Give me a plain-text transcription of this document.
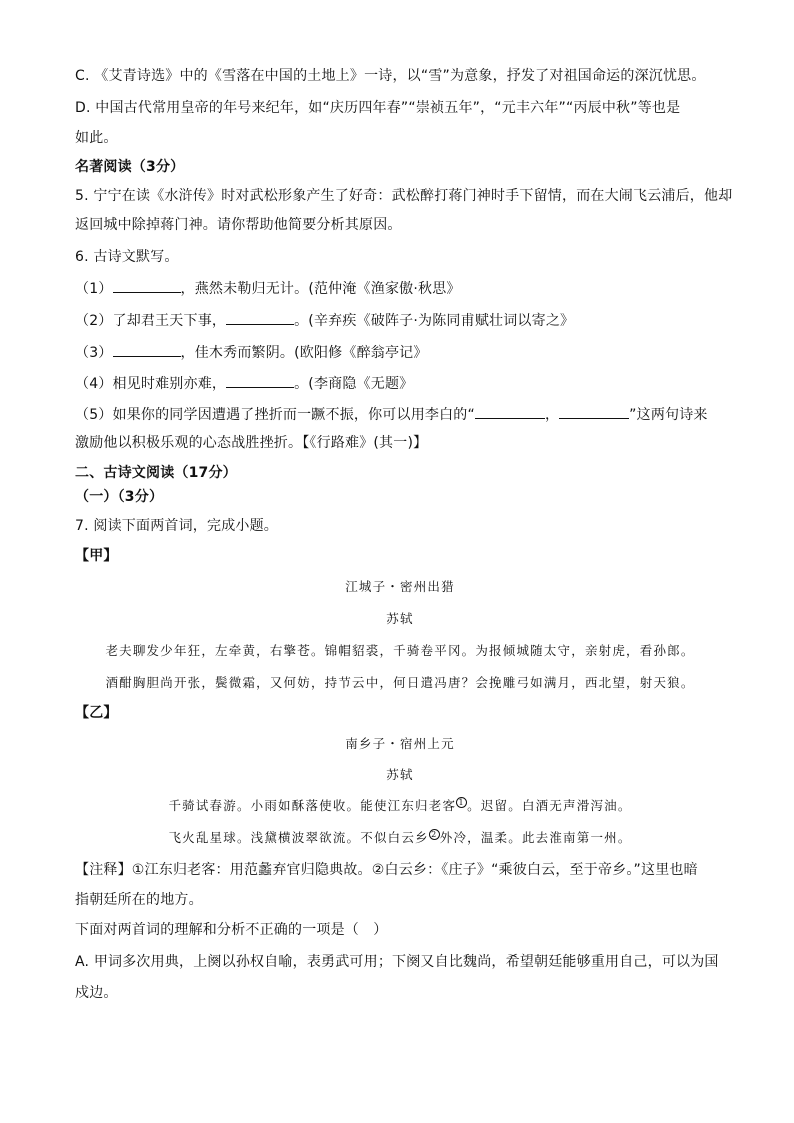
C. 《艾青诗选》中的《雪落在中国的土地上》一诗，以“雪”为意象，抒发了对祖国命运的深沉忧思。
D. 中国古代常用皇帝的年号来纪年，如“庆历四年春”“崇祯五年”，“元丰六年”“丙辰中秋”等也是
如此。
名著阅读（3分）
5. 宁宁在读《水浒传》时对武松形象产生了好奇：武松醉打蒋门神时手下留情，而在大闹飞云浦后，他却
返回城中除掉蒋门神。请你帮助他简要分析其原因。
6. 古诗文默写。
（1）	，燕然未勒归无计。(范仲淹《渔家傲·秋思》
（2）了却君王天下事，	。(辛弃疾《破阵子·为陈同甫赋壮词以寄之》
（3）	，佳木秀而繁阴。(欧阳修《醉翁亭记》
（4）相见时难别亦难，	。(李商隐《无题》
（5）如果你的同学因遭遇了挫折而一蹶不振，你可以用李白的“	，	”这两句诗来
激励他以积极乐观的心态战胜挫折。【《行路难》(其一)】
二、古诗文阅读（17分）
（一）（3分）
7. 阅读下面两首词，完成小题。
【甲】
江城子・密州出猎
苏轼
老夫聊发少年狂，左牵黄，右擎苍。锦帽貂裘，千骑卷平冈。为报倾城随太守，亲射虎，看孙郎。
酒酣胸胆尚开张，鬓微霜，又何妨，持节云中，何日遣冯唐？会挽雕弓如满月，西北望，射天狼。
【乙】
南乡子・宿州上元
苏轼
千骑试春游。小雨如酥落使收。能使江东归老客 1 。迟留。白酒无声滑泻油。
飞火乱星球。浅黛横波翠欲流。不似白云乡 2 外冷，温柔。此去淮南第一州。
【注释】①江东归老客：用范蠡弃官归隐典故。②白云乡：《庄子》“乘彼白云，至于帝乡。”这里也暗
指朝廷所在的地方。
下面对两首词的理解和分析不正确的一项是（　）
A. 甲词多次用典，上阕以孙权自喻，表勇武可用；下阕又自比魏尚，希望朝廷能够重用自己，可以为国
戍边。
